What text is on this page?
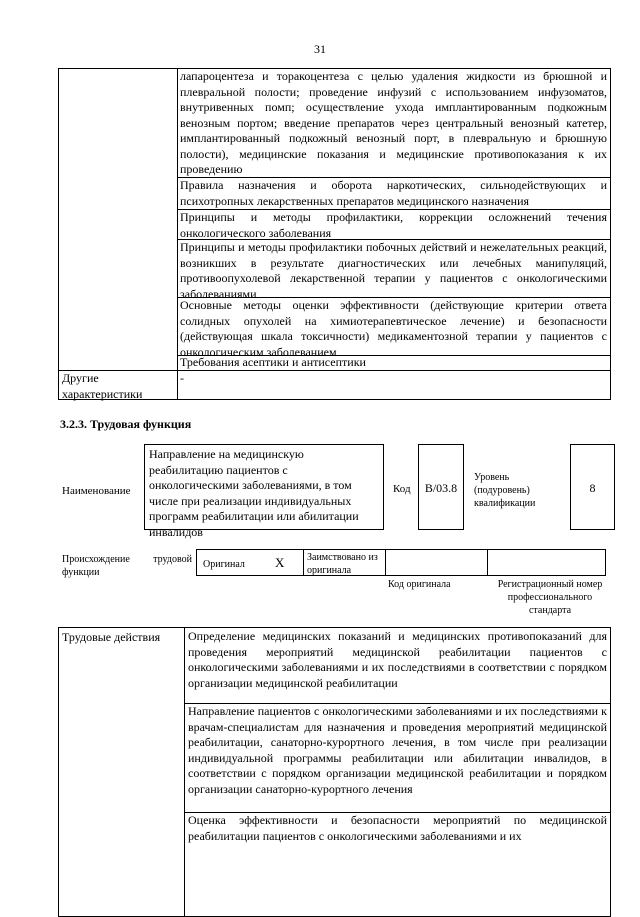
31
лапароцентеза и торакоцентеза с целью удаления жидкости из брюшной и плевральной полости; проведение инфузий с использованием инфузоматов, внутривенных помп; осуществление ухода имплантированным подкожным венозным портом; введение препаратов через центральный венозный катетер, имплантированный подкожный венозный порт, в плевральную и брюшную полости), медицинские показания и медицинские противопоказания к их проведению
Правила назначения и оборота наркотических, сильнодействующих и психотропных лекарственных препаратов медицинского назначения
Принципы и методы профилактики, коррекции осложнений течения онкологического заболевания
Принципы и методы профилактики побочных действий и нежелательных реакций, возникших в результате диагностических или лечебных манипуляций, противоопухолевой лекарственной терапии у пациентов с онкологическими заболеваниями
Основные методы оценки эффективности (действующие критерии ответа солидных опухолей на химиотерапевтическое лечение) и безопасности (действующая шкала токсичности) медикаментозной терапии у пациентов с онкологическим заболеванием
Требования асептики и антисептики
Другие характеристики
-
3.2.3. Трудовая функция
Наименование
Направление на медицинскую реабилитацию пациентов с онкологическими заболеваниями, в том числе при реализации индивидуальных программ реабилитации или абилитации инвалидов
Код	B/03.8
Уровень (подуровень) квалификации
8
Происхождение трудовой функции
Оригинал X Заимствовано из оригинала
Код оригинала	Регистрационный номер профессионального стандарта
Трудовые действия Определение медицинских показаний и медицинских противопоказаний для проведения мероприятий медицинской реабилитации пациентов с онкологическими заболеваниями и их последствиями в соответствии с порядком организации медицинской реабилитации
Направление пациентов с онкологическими заболеваниями и их последствиями к врачам-специалистам для назначения и проведения мероприятий медицинской реабилитации, санаторно-курортного лечения, в том числе при реализации индивидуальной программы реабилитации или абилитации инвалидов, в соответствии с порядком организации медицинской реабилитации и порядком организации санаторно-курортного лечения
Оценка эффективности и безопасности мероприятий по медицинской реабилитации пациентов с онкологическими заболеваниями и их
